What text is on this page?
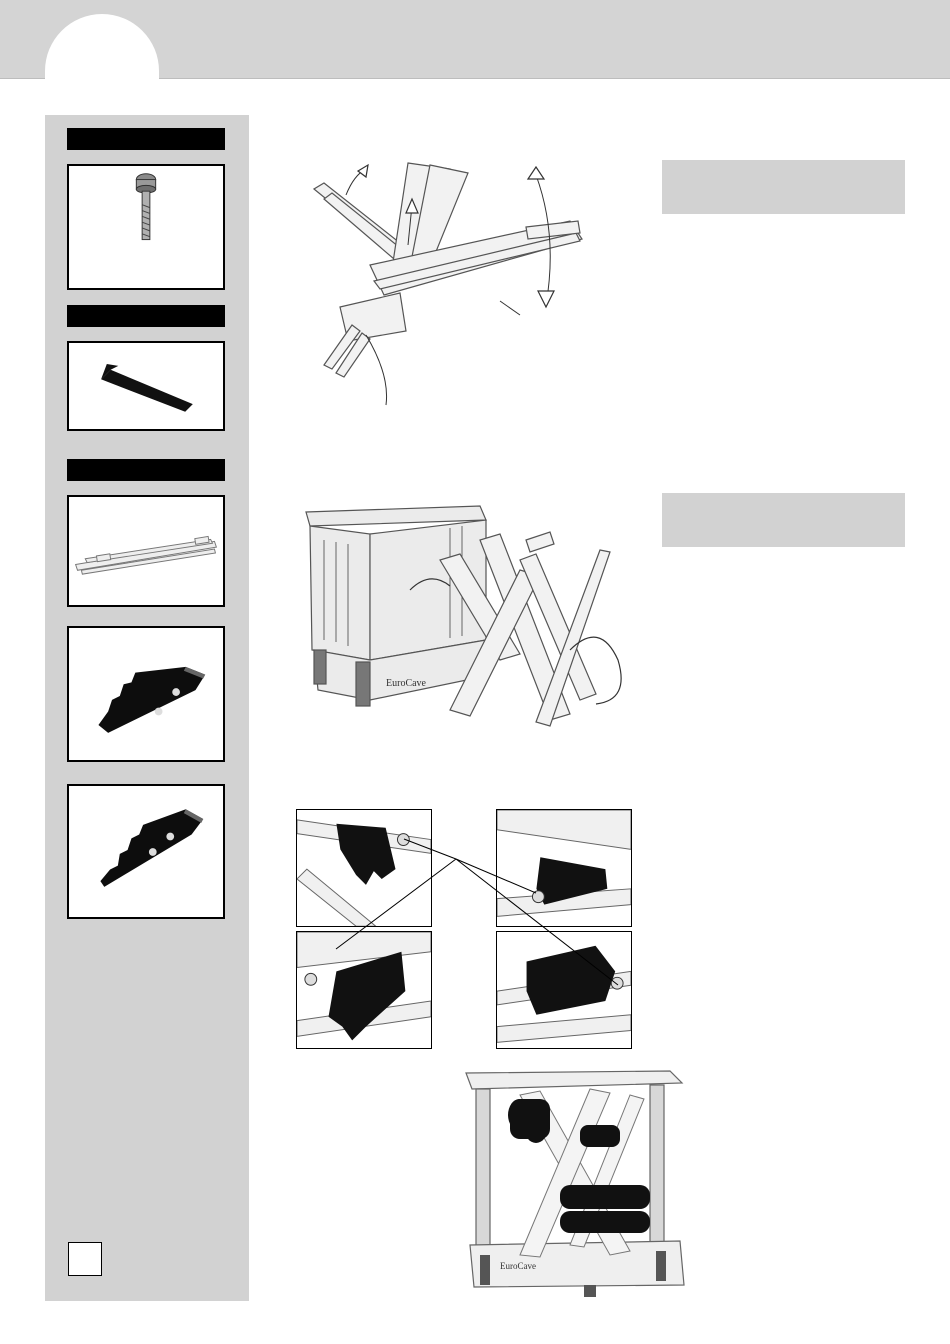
EuroCave
EuroCave
